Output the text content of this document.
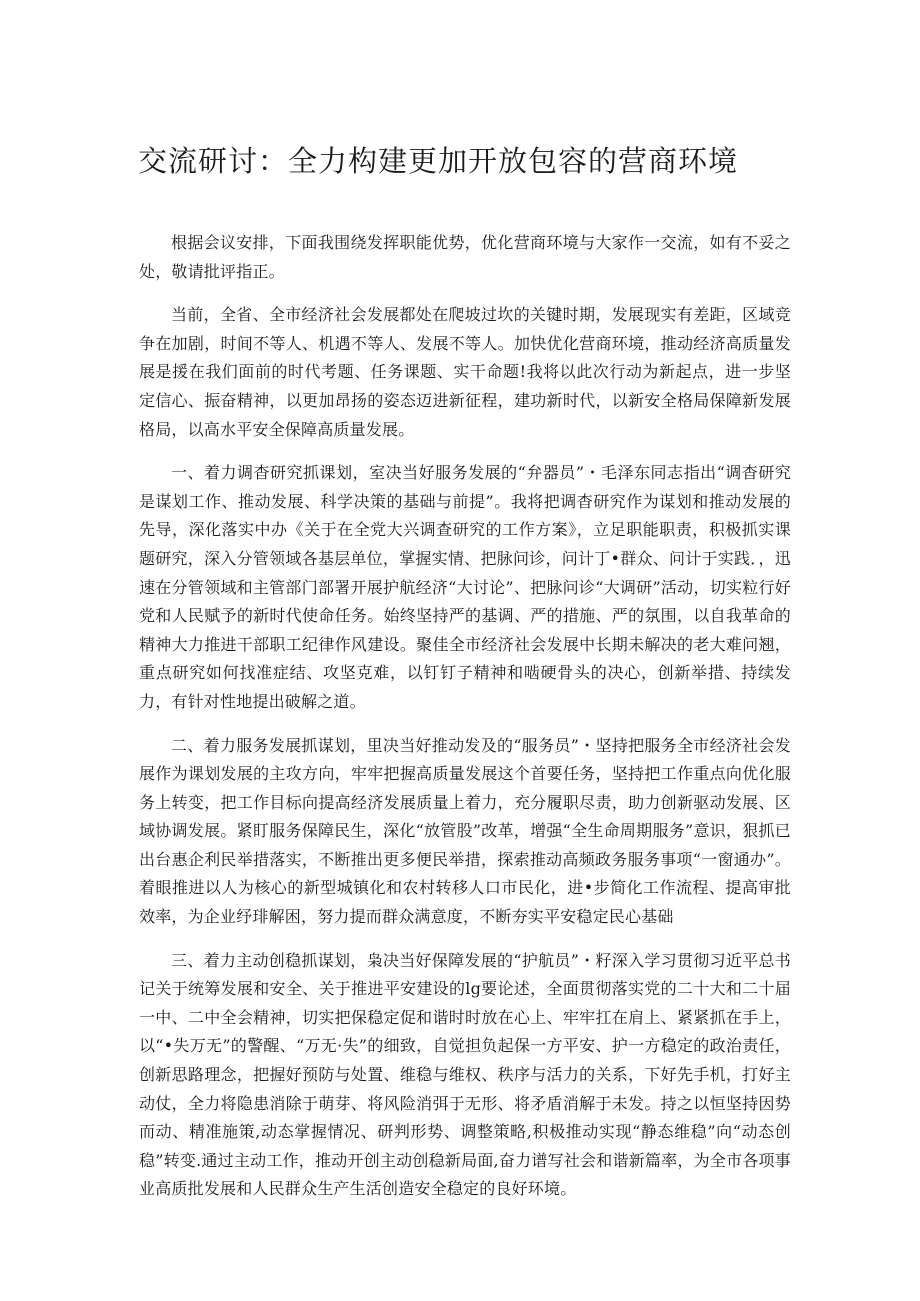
交流研讨：全力构建更加开放包容的营商环境

根据会议安排，下面我围绕发挥职能优势，优化营商环境与大家作一交流，如有不妥之处，敬请批评指正。

当前，全省、全市经济社会发展都处在爬坡过坎的关键时期，发展现实有差距，区域竞争在加剧，时间不等人、机遇不等人、发展不等人。加快优化营商环境，推动经济高质量发展是援在我们面前的时代考题、任务课题、实干命题!我将以此次行动为新起点，进一步坚定信心、振奋精神，以更加昂扬的姿态迈进新征程，建功新时代，以新安全格局保障新发展格局，以高水平安全保障高质量发展。

一、着力调杳研究抓课划，室决当好服务发展的“弁器员”・毛泽东同志指出“调杳研究是谋划工作、推动发展、科学决策的基础与前提”。我将把调杳研究作为谋划和推动发展的先导，深化落实中办《关于在全党大兴调查研究的工作方案》，立足职能职责，积极抓实课题研究，深入分管领域各基层单位，掌握实情、把脉问诊，问计丁•群众、问计于实践．，迅速在分管领域和主管部门部署开展护航经济“大讨论”、把脉问诊“大调研”活动，切实粒行好党和人民赋予的新时代使命任务。始终坚持严的基调、严的措施、严的氛围，以自我革命的精神大力推进干部职工纪律作风建设。聚佳全市经济社会发展中长期未解决的老大难问翘，重点研究如何找准症结、攻坚克难，以钉钉子精神和啮硬骨头的决心，创新举措、持续发力，有针对性地提出破解之道。

二、着力服务发展抓谋划，里决当好推动发及的“服务员”・坚持把服务全市经济社会发展作为课划发展的主攻方向，牢牢把握高质量发展这个首要任务，坚持把工作重点向优化服务上转变，把工作目标向提高经济发展质量上着力，充分履职尽责，助力创新驱动发展、区域协调发展。紧盯服务保障民生，深化“放管股”改革，增强“全生命周期服务”意识，狠抓已出台惠企利民举措落实，不断推出更多便民举措，探索推动高频政务服务事项“一窗通办”。着眼推进以人为核心的新型城镇化和农村转移人口市民化，进•步简化工作流程、提高审批效率，为企业纾琲解困，努力提而群众满意度，不断夯实平安稳定民心基础

三、着力主动创稳抓谋划，枭决当好保障发展的“护航员”・籽深入学习贯彻习近平总书记关于统筹发展和安全、关于推进平安建设的lg要论述，全面贯彻落实党的二十大和二十届一中、二中全会精神，切实把保稳定促和谐时时放在心上、牢牢扛在肩上、紧紧抓在手上，以“•失万无”的警醒、“万无·失”的细致，自觉担负起保一方平安、护一方稳定的政治责任，创新思路理念，把握好预防与处置、维稳与维权、秩序与活力的关系，下好先手机，打好主动仗，全力将隐患消除于萌芽、将风险消弭于无形、将矛盾消解于未发。持之以恒坚持因势而动、精准施策,动态掌握情况、研判形势、调整策略,积极推动实现“静态维稳”向“动态创稳”转变.通过主动工作，推动开创主动创稳新局面,奋力谱写社会和谐新篇率，为全市各项事业高质批发展和人民群众生产生活创造安全稳定的良好环境。
